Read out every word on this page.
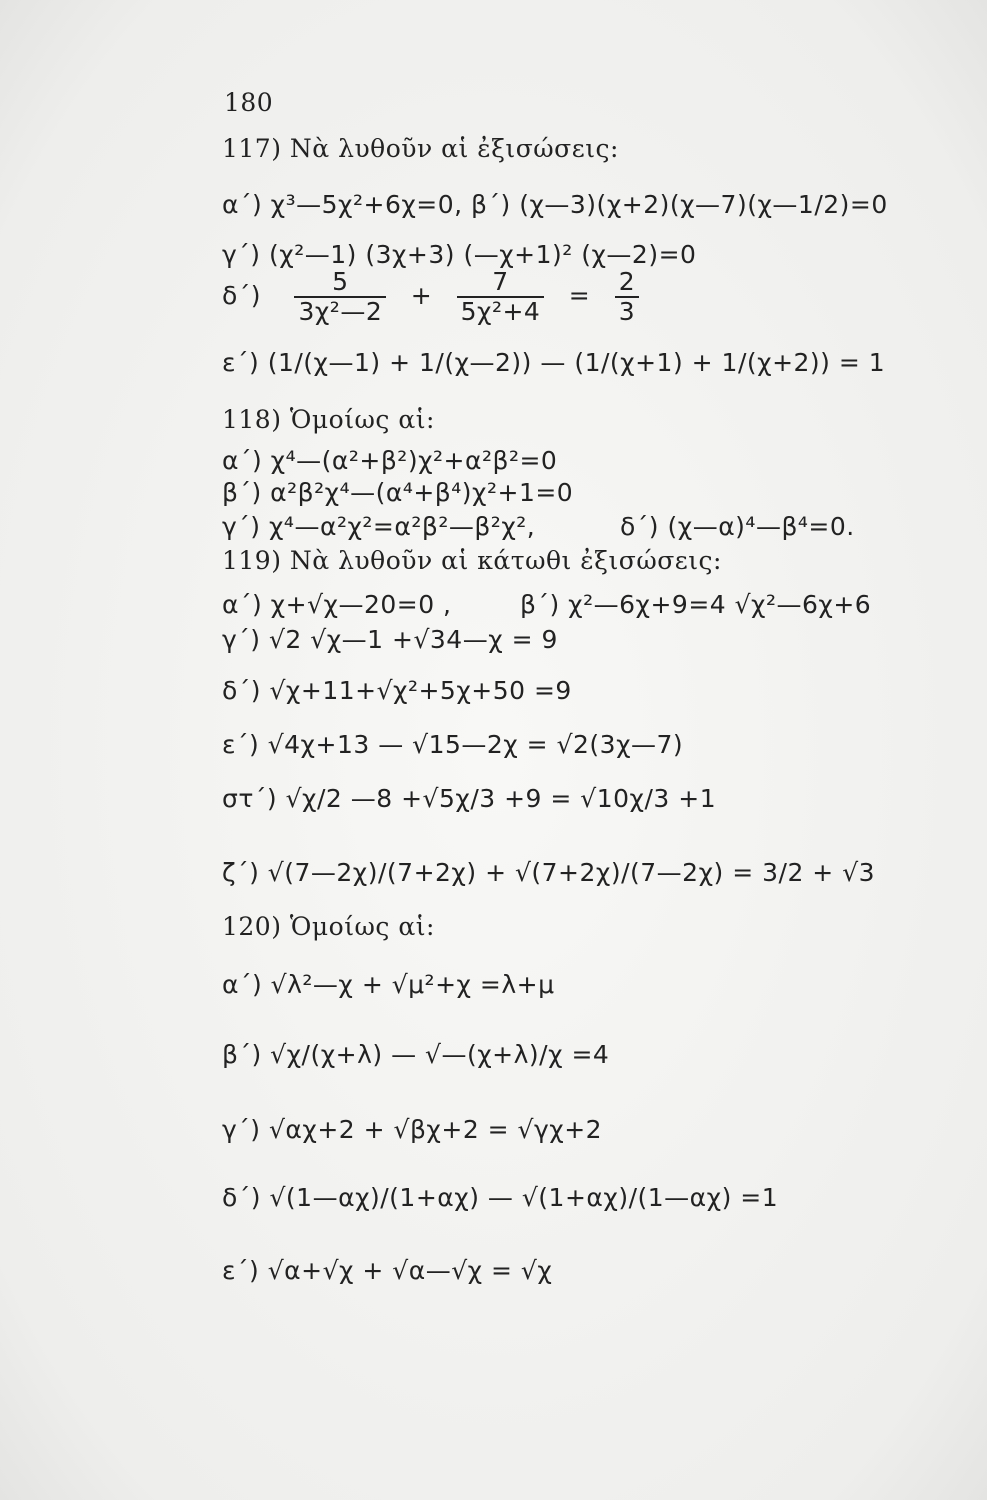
180
117) Νὰ λυθοῦν αἱ ἐξισώσεις:
α΄) χ³—5χ²+6χ=0, β΄) (χ—3)(χ+2)(χ—7)(χ—1/2)=0
γ΄) (χ²—1) (3χ+3) (—χ+1)² (χ—2)=0
$\delta΄) \frac{5}{\text{3χ²—2}} + \frac{7}{\text{5χ²+4}} = \frac{2}{3}$
ε΄) (1/(χ—1) + 1/(χ—2)) — (1/(χ+1) + 1/(χ+2)) = 1
118) Ὁμοίως αἱ:
α΄) χ⁴—(α²+β²)χ²+α²β²=0
β΄) α²β²χ⁴—(α⁴+β⁴)χ²+1=0
γ΄) χ⁴—α²χ²=α²β²—β²χ²,	δ΄) (χ—α)⁴—β⁴=0.
119) Νὰ λυθοῦν αἱ κάτωθι ἐξισώσεις:
α΄) χ+√χ—20=0 ,	β΄) χ²—6χ+9=4 √χ²—6χ+6
γ΄) √2 √χ—1 +√34—χ = 9
δ΄) √χ+11+√χ²+5χ+50 =9
ε΄) √4χ+13 — √15—2χ = √2(3χ—7)
στ΄) √χ/2 —8 +√5χ/3 +9 = √10χ/3 +1
ζ΄) √(7—2χ)/(7+2χ) + √(7+2χ)/(7—2χ) = 3/2 + √3
120) Ὁμοίως αἱ:
α΄) √λ²—χ + √μ²+χ =λ+μ
β΄) √χ/(χ+λ) — √—(χ+λ)/χ =4
γ΄) √αχ+2 + √βχ+2 = √γχ+2
δ΄) √(1—αχ)/(1+αχ) — √(1+αχ)/(1—αχ) =1
ε΄) √α+√χ + √α—√χ = √χ
